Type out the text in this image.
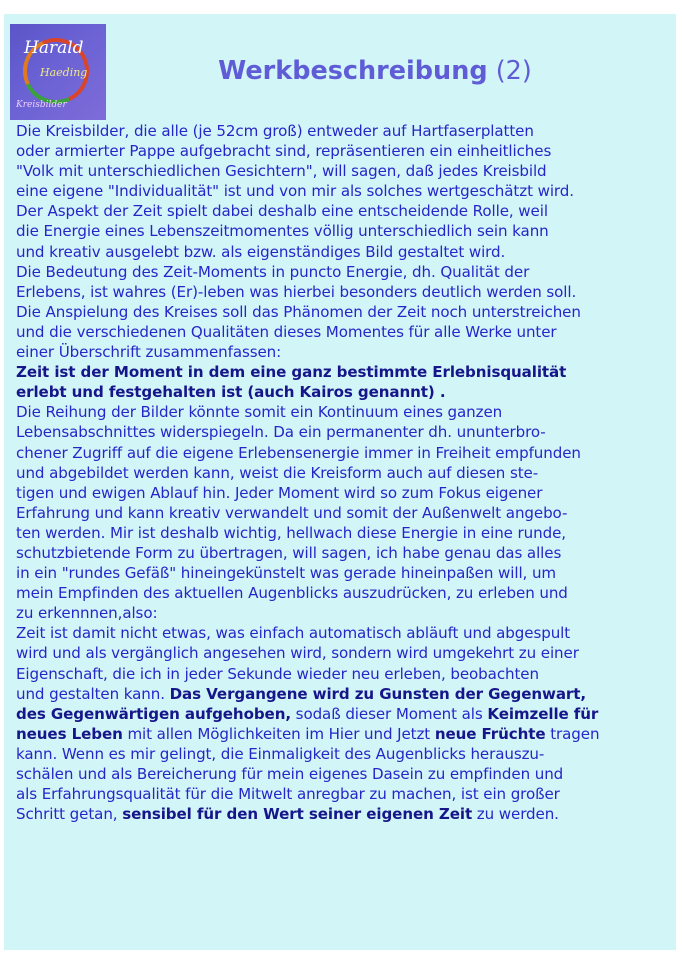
Harald
Haeding
Kreisbilder
Werkbeschreibung (2)
Die Kreisbilder, die alle (je 52cm groß) entweder auf Hartfaserplatten
oder armierter Pappe aufgebracht sind, repräsentieren ein einheitliches
"Volk mit unterschiedlichen Gesichtern", will sagen, daß jedes Kreisbild
eine eigene "Individualität" ist und von mir als solches wertgeschätzt wird.
Der Aspekt der Zeit spielt dabei deshalb eine entscheidende Rolle, weil
die Energie eines Lebenszeitmomentes völlig unterschiedlich sein kann
und kreativ ausgelebt bzw. als eigenständiges Bild gestaltet wird.
Die Bedeutung des Zeit-Moments in puncto Energie, dh. Qualität der
Erlebens, ist wahres (Er)-leben was hierbei besonders deutlich werden soll.
Die Anspielung des Kreises soll das Phänomen der Zeit noch unterstreichen
und die verschiedenen Qualitäten dieses Momentes für alle Werke unter
einer Überschrift zusammenfassen:
Zeit ist der Moment in dem eine ganz bestimmte Erlebnisqualität
erlebt und festgehalten ist (auch Kairos genannt) .
Die Reihung der Bilder könnte somit ein Kontinuum eines ganzen
Lebensabschnittes widerspiegeln. Da ein permanenter dh. ununterbro-
chener Zugriff auf die eigene Erlebensenergie immer in Freiheit empfunden
und abgebildet werden kann, weist die Kreisform auch auf diesen ste-
tigen und ewigen Ablauf hin. Jeder Moment wird so zum Fokus eigener
Erfahrung und kann kreativ verwandelt und somit der Außenwelt angebo-
ten werden. Mir ist deshalb wichtig, hellwach diese Energie in eine runde,
schutzbietende Form zu übertragen, will sagen, ich habe genau das alles
in ein "rundes Gefäß" hineingekünstelt was gerade hineinpaßen will, um
mein Empfinden des aktuellen Augenblicks auszudrücken, zu erleben und
zu erkennnen,also:
Zeit ist damit nicht etwas, was einfach automatisch abläuft und abgespult
wird und als vergänglich angesehen wird, sondern wird umgekehrt zu einer
Eigenschaft, die ich in jeder Sekunde wieder neu erleben, beobachten
und gestalten kann. Das Vergangene wird zu Gunsten der Gegenwart,
des Gegenwärtigen aufgehoben, sodaß dieser Moment als Keimzelle für
neues Leben mit allen Möglichkeiten im Hier und Jetzt neue Früchte tragen
kann. Wenn es mir gelingt, die Einmaligkeit des Augenblicks herauszu-
schälen und als Bereicherung für mein eigenes Dasein zu empfinden und
als Erfahrungsqualität für die Mitwelt anregbar zu machen, ist ein großer
Schritt getan, sensibel für den Wert seiner eigenen Zeit zu werden.
